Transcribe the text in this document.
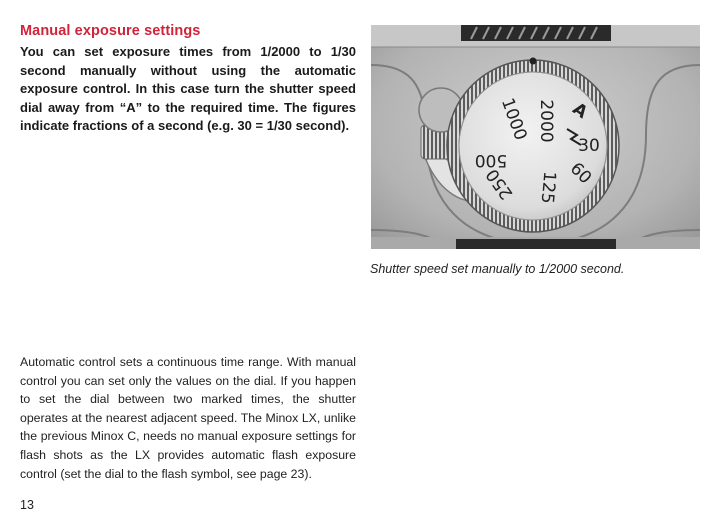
Manual exposure settings

You can set exposure times from 1/2000 to 1/30 second manually without using the automatic exposure control. In this case turn the shutter speed dial away from “A” to the required time. The figures indicate fractions of a second (e.g. 30 = 1/30 second).	2000
1000
500
250 125 60
30
A
Shutter speed set manually to 1/2000 second.

Automatic control sets a continuous time range. With manual control you can set only the values on the dial. If you happen to set the dial between two marked times, the shutter operates at the nearest adjacent speed. The Minox LX, unlike the previous Minox C, needs no manual exposure settings for flash shots as the LX provides automatic flash exposure control (set the dial to the flash symbol, see page 23).

13
